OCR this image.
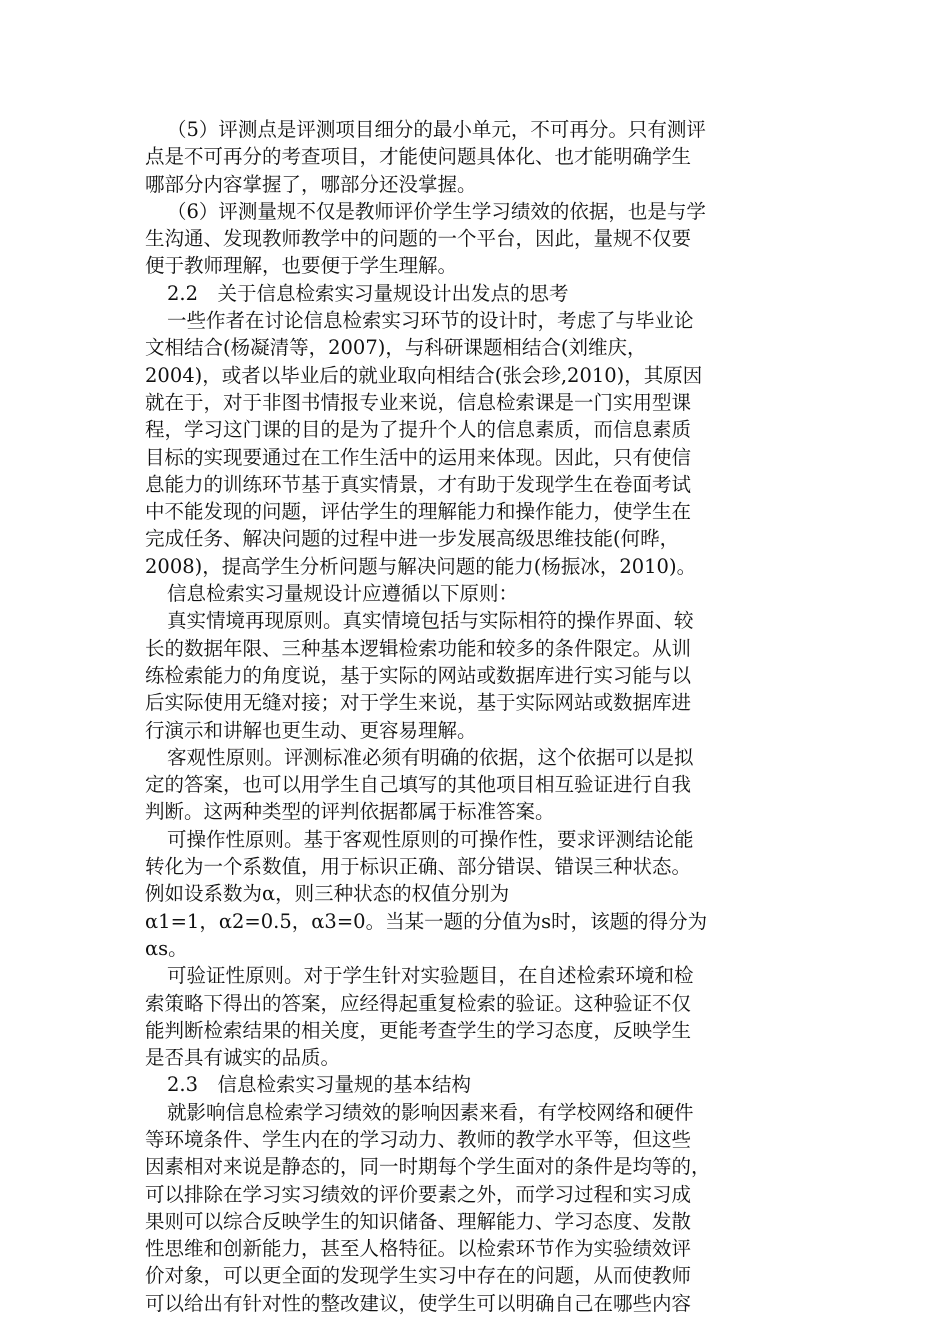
（5）评测点是评测项目细分的最小单元，不可再分。只有测评
点是不可再分的考查项目，才能使问题具体化、也才能明确学生
哪部分内容掌握了，哪部分还没掌握。
（6）评测量规不仅是教师评价学生学习绩效的依据，也是与学
生沟通、发现教师教学中的问题的一个平台，因此，量规不仅要
便于教师理解，也要便于学生理解。
2.2　关于信息检索实习量规设计出发点的思考
一些作者在讨论信息检索实习环节的设计时，考虑了与毕业论
文相结合(杨凝清等，2007)，与科研课题相结合(刘维庆，
2004)，或者以毕业后的就业取向相结合(张会珍,2010)，其原因
就在于，对于非图书情报专业来说，信息检索课是一门实用型课
程，学习这门课的目的是为了提升个人的信息素质，而信息素质
目标的实现要通过在工作生活中的运用来体现。因此，只有使信
息能力的训练环节基于真实情景，才有助于发现学生在卷面考试
中不能发现的问题，评估学生的理解能力和操作能力，使学生在
完成任务、解决问题的过程中进一步发展高级思维技能(何晔，
2008)，提高学生分析问题与解决问题的能力(杨振冰，2010)。
信息检索实习量规设计应遵循以下原则：
真实情境再现原则。真实情境包括与实际相符的操作界面、较
长的数据年限、三种基本逻辑检索功能和较多的条件限定。从训
练检索能力的角度说，基于实际的网站或数据库进行实习能与以
后实际使用无缝对接；对于学生来说，基于实际网站或数据库进
行演示和讲解也更生动、更容易理解。
客观性原则。评测标准必须有明确的依据，这个依据可以是拟
定的答案，也可以用学生自己填写的其他项目相互验证进行自我
判断。这两种类型的评判依据都属于标准答案。
可操作性原则。基于客观性原则的可操作性，要求评测结论能
转化为一个系数值，用于标识正确、部分错误、错误三种状态。
例如设系数为α，则三种状态的权值分别为
α1=1，α2=0.5，α3=0。当某一题的分值为s时，该题的得分为
αs。
可验证性原则。对于学生针对实验题目，在自述检索环境和检
索策略下得出的答案，应经得起重复检索的验证。这种验证不仅
能判断检索结果的相关度，更能考查学生的学习态度，反映学生
是否具有诚实的品质。
2.3　信息检索实习量规的基本结构
就影响信息检索学习绩效的影响因素来看，有学校网络和硬件
等环境条件、学生内在的学习动力、教师的教学水平等，但这些
因素相对来说是静态的，同一时期每个学生面对的条件是均等的，
可以排除在学习实习绩效的评价要素之外，而学习过程和实习成
果则可以综合反映学生的知识储备、理解能力、学习态度、发散
性思维和创新能力，甚至人格特征。以检索环节作为实验绩效评
价对象，可以更全面的发现学生实习中存在的问题，从而使教师
可以给出有针对性的整改建议，使学生可以明确自己在哪些内容
